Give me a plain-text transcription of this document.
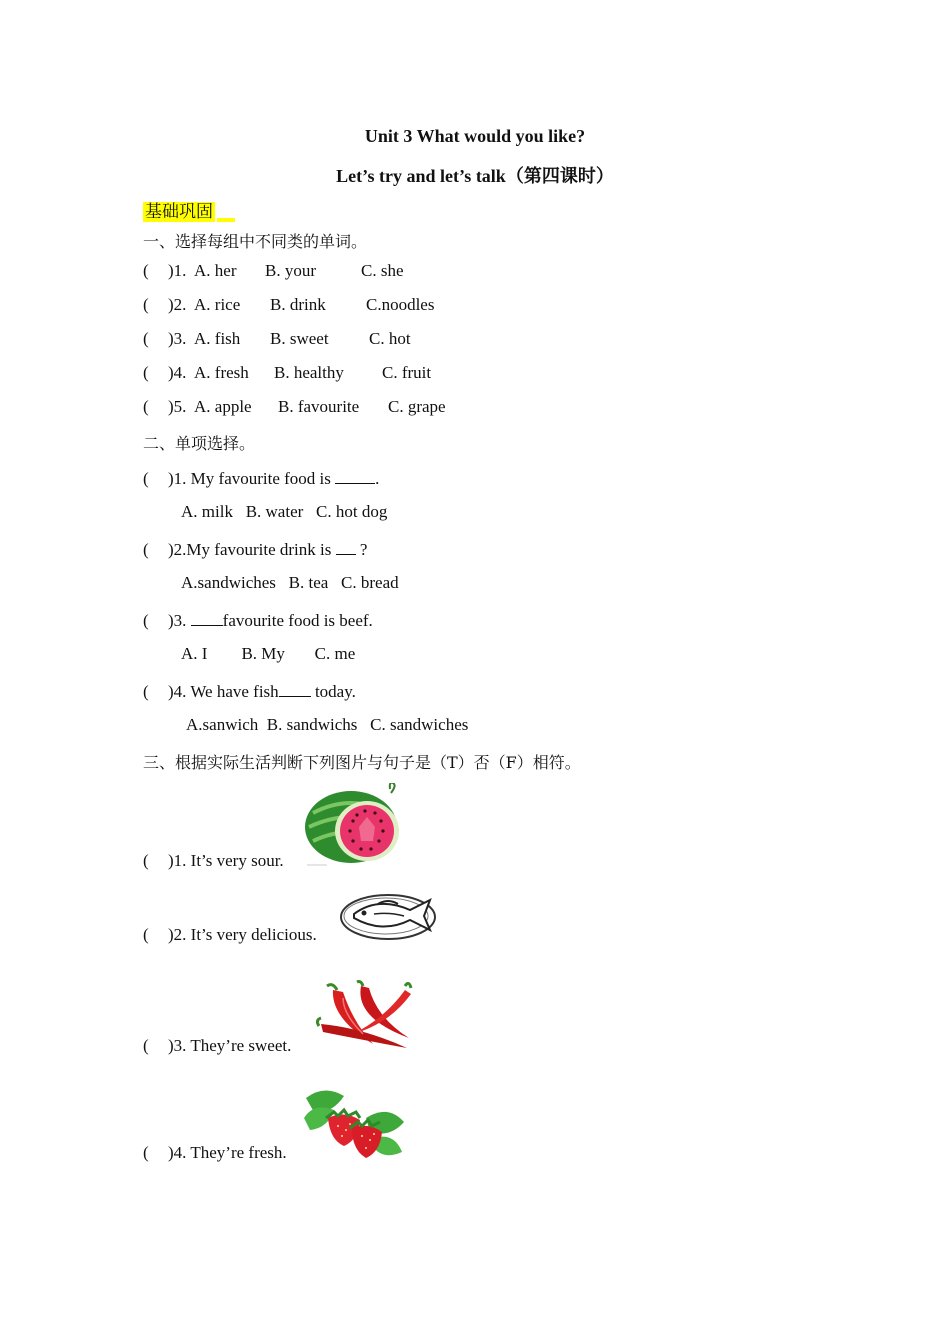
Unit 3 What would you like?
Let’s try and let’s talk（第四课时）
基础巩固
一、选择每组中不同类的单词。
( )1. A. her B. your	C. she
( )2. A. rice B. drink C.noodles
( )3. A. fish B. sweet C. hot
( )4. A. fresh B. healthy C. fruit
( )5. A. apple B. favourite C. grape
二、单项选择。
( )1. My favourite food is .
A. milk   B. water   C. hot dog
( )2.My favourite drink is  ?
A.sandwiches   B. tea   C. bread
( )3. favourite food is beef.
A. I        B. My       C. me
( )4. We have fish today.
A.sanwich  B. sandwichs   C. sandwiches
三、根据实际生活判断下列图片与句子是（T）否（F）相符。
( )1. It’s very sour.
( )2. It’s very delicious.
( )3. They’re sweet.
( )4. They’re fresh.
